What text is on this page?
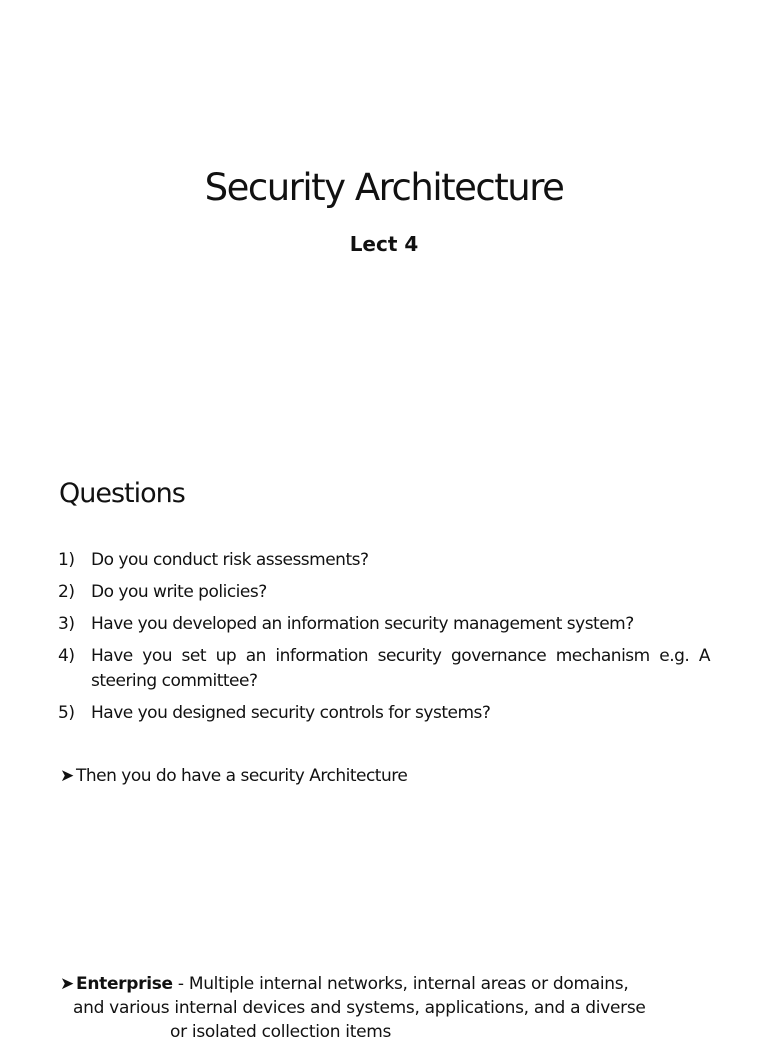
Security Architecture
Lect 4
Questions
1) Do you conduct risk assessments?
2) Do you write policies?
3) Have you developed an information security management system?
4) Have you set up an information security governance mechanism e.g. A steering committee?
5) Have you designed security controls for systems?
➤ Then you do have a security Architecture
➤ Enterprise - Multiple internal networks, internal areas or domains,
and various internal devices and systems, applications, and a diverse
or isolated collection items
